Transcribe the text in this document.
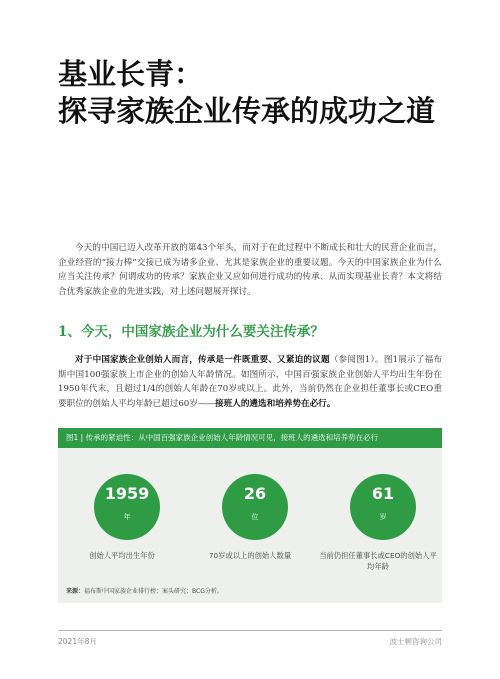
基业长青：
探寻家族企业传承的成功之道

今天的中国已迈入改革开放的第43个年头，而对于在此过程中不断成长和壮大的民营企业而言，企业经营的“接力棒”交接已成为诸多企业、尤其是家族企业的重要议题。今天的中国家族企业为什么应当关注传承？何谓成功的传承？家族企业又应如何进行成功的传承、从而实现基业长青？本文将结合优秀家族企业的先进实践，对上述问题展开探讨。

1、今天，中国家族企业为什么要关注传承？

对于中国家族企业创始人而言，传承是一件既重要、又紧迫的议题（参阅图1）。图1展示了福布斯中国100强家族上市企业的创始人年龄情况。如图所示，中国百强家族企业创始人平均出生年份在1950年代末，且超过1/4的创始人年龄在70岁或以上。此外，当前仍然在企业担任董事长或CEO重要职位的创始人平均年龄已超过60岁——接班人的遴选和培养势在必行。

图1 | 传承的紧迫性：从中国百强家族企业创始人年龄情况可见，接班人的遴选和培养势在必行
1959
年
创始人平均出生年份
26
位
70岁或以上的创始人数量
61
岁
当前仍担任董事长或CEO的创始人平均年龄
来源：福布斯中国家族企业排行榜；案头研究；BCG分析。
2021年8月	波士顿咨询公司
